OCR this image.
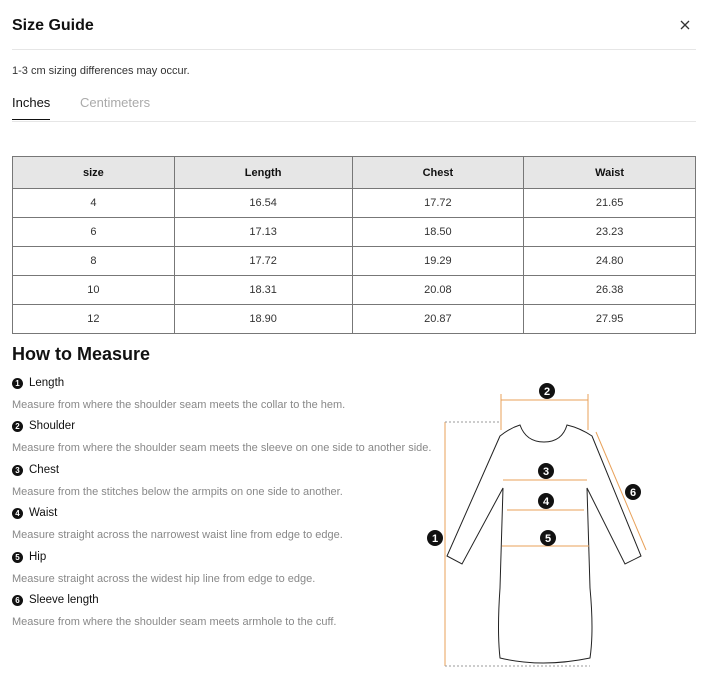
Size Guide
1-3 cm sizing differences may occur.
Inches Centimeters
size	Length	Chest	Waist
4	16.54	17.72	21.65
6	17.13	18.50	23.23
8	17.72	19.29	24.80
10	18.31	20.08	26.38
12	18.90	20.87	27.95
How to Measure
1 Length
Measure from where the shoulder seam meets the collar to the hem.
2 Shoulder
Measure from where the shoulder seam meets the sleeve on one side to another side.
3 Chest
Measure from the stitches below the armpits on one side to another.
4 Waist
Measure straight across the narrowest waist line from edge to edge.
5 Hip
Measure straight across the widest hip line from edge to edge.
6 Sleeve length
Measure from where the shoulder seam meets armhole to the cuff.
1
2
3
4
5
6
